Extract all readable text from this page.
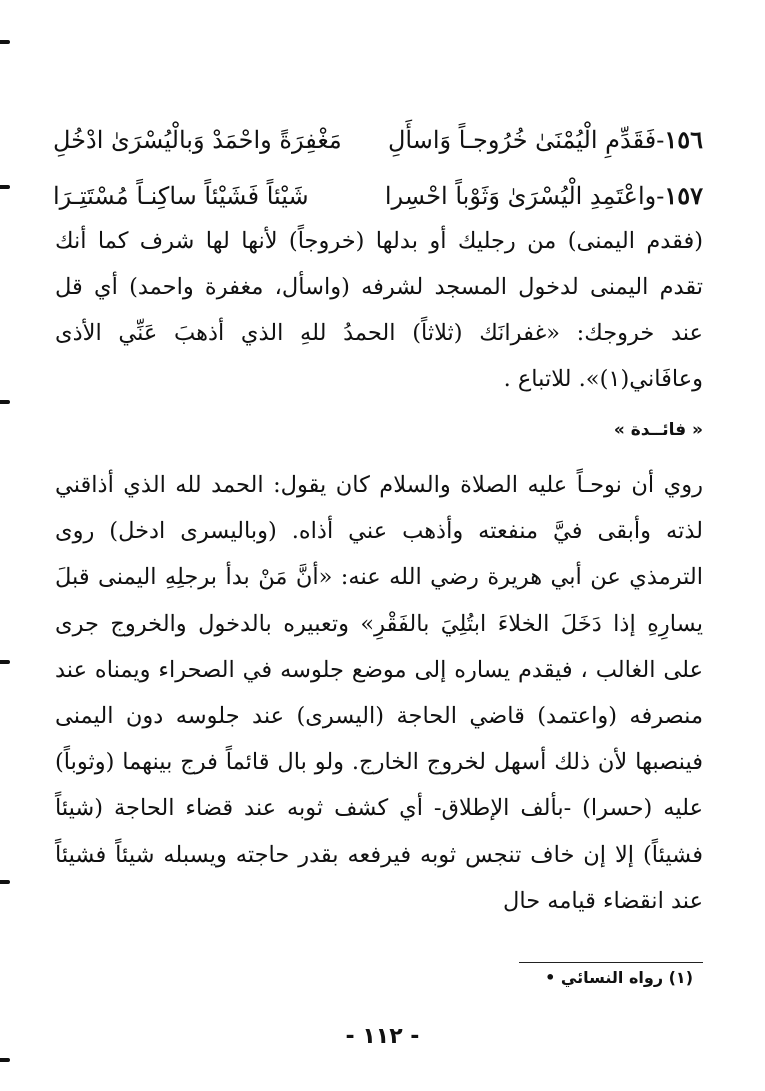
١٥٦-فَقَدِّمِ الْيُمْنَىٰ خُرُوجـاً وَاسأَلِ
مَغْفِرَةً واحْمَدْ وَبالْيُسْرَىٰ ادْخُلِ
١٥٧-واعْتَمِدِ الْيُسْرَىٰ وَثَوْباً احْسِرا
شَيْئاً فَشَيْئاً ساكِنـاً مُسْتَتِـرَا

(فقدم اليمنى) من رجليك أو بدلها (خروجاً) لأنها لها شرف كما أنك تقدم اليمنى لدخول المسجد لشرفه (واسأل، مغفرة واحمد) أي قل عند خروجك: «غفرانَك (ثلاثاً) الحمدُ للهِ الذي أذهبَ عَنِّي الأذى وعافَاني(١)». للاتباع .

« فائــدة »

روي أن نوحـاً عليه الصلاة والسلام كان يقول: الحمد لله الذي أذاقني لذته وأبقى فيَّ منفعته وأذهب عني أذاه. (وباليسرى ادخل) روى الترمذي عن أبي هريرة رضي الله عنه: «أنَّ مَنْ بدأ برجلِهِ اليمنى قبلَ يسارِهِ إذا دَخَلَ الخلاءَ ابتُلِيَ بالفَقْرِ» وتعبيره بالدخول والخروج جرى على الغالب ، فيقدم يساره إلى موضع جلوسه في الصحراء ويمناه عند منصرفه (واعتمد) قاضي الحاجة (اليسرى) عند جلوسه دون اليمنى فينصبها لأن ذلك أسهل لخروج الخارج. ولو بال قائماً فرج بينهما (وثوباً) عليه (حسرا) -بألف الإطلاق- أي كشف ثوبه عند قضاء الحاجة (شيئاً فشيئاً) إلا إن خاف تنجس ثوبه فيرفعه بقدر حاجته ويسبله شيئاً فشيئاً عند انقضاء قيامه حال

(١) رواه النسائي •
- ١١٢ -
